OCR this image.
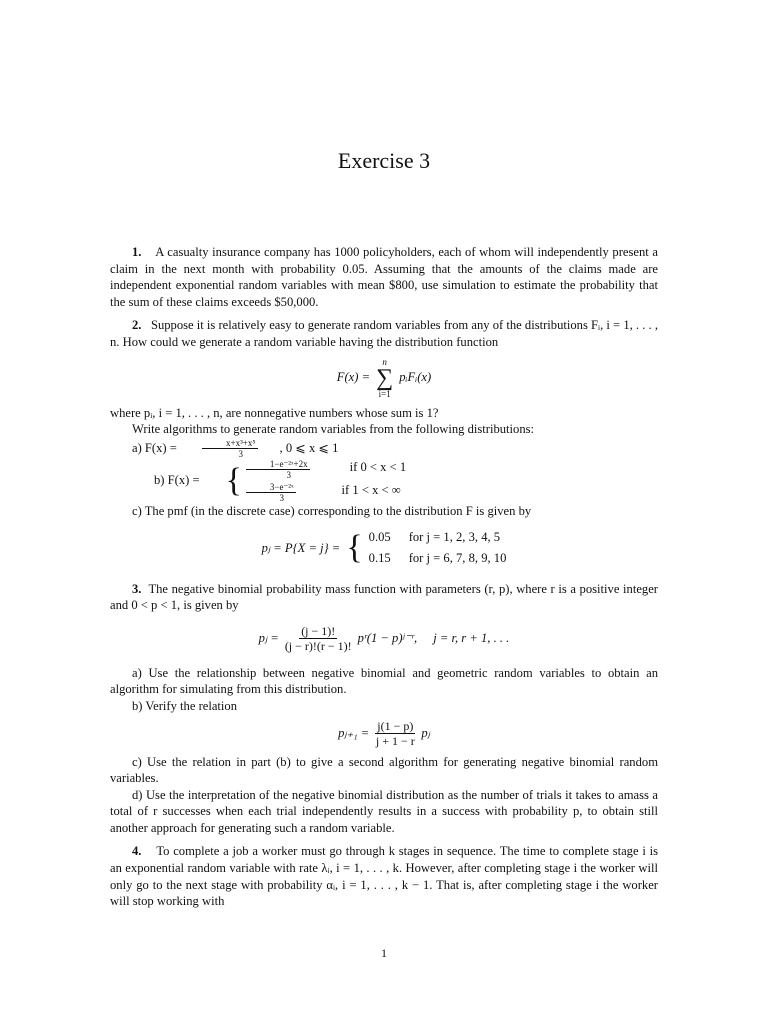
Exercise 3

1. A casualty insurance company has 1000 policyholders, each of whom will independently present a claim in the next month with probability 0.05. Assuming that the amounts of the claims made are independent exponential random variables with mean $800, use simulation to estimate the probability that the sum of these claims exceeds $50,000.

2. Suppose it is relatively easy to generate random variables from any of the distributions Fᵢ, i = 1, . . . , n. How could we generate a random variable having the distribution function

F(x) =
n
∑
i=1
pᵢFᵢ(x)

where pᵢ, i = 1, . . . , n, are nonnegative numbers whose sum is 1?

Write algorithms to generate random variables from the following distributions:

a) F(x) =
	$\frac{\text{x+x³+x⁵}}{3}$	, 0 ⩽ x ⩽ 1

b) F(x) = { $\frac{\text{1−e⁻²ˣ+2x}}{3}$	if 0 < x < 1
$\frac{\text{3−e⁻²ˣ}}{3}$	if 1 < x < ∞

c) The pmf (in the discrete case) corresponding to the distribution F is given by

pⱼ = P{X = j} = { 0.05 for j = 1, 2, 3, 4, 5
0.15 for j = 6, 7, 8, 9, 10

3. The negative binomial probability mass function with parameters (r, p), where r is a positive integer and 0 < p < 1, is given by

pⱼ = $\frac{(j - 1)!}{(j - r)!(r - 1)!}$ pʳ(1 − p)ʲ⁻ʳ, j = r, r + 1, . . .

a) Use the relationship between negative binomial and geometric random variables to obtain an algorithm for simulating from this distribution.

b) Verify the relation

pⱼ₊₁ = $\frac{j(1 - p)}{j + 1 - r}$ pⱼ

c) Use the relation in part (b) to give a second algorithm for generating negative binomial random variables.

d) Use the interpretation of the negative binomial distribution as the number of trials it takes to amass a total of r successes when each trial independently results in a success with probability p, to obtain still another approach for generating such a random variable.

4. To complete a job a worker must go through k stages in sequence. The time to complete stage i is an exponential random variable with rate λᵢ, i = 1, . . . , k. However, after completing stage i the worker will only go to the next stage with probability αᵢ, i = 1, . . . , k − 1. That is, after completing stage i the worker will stop working with

1
